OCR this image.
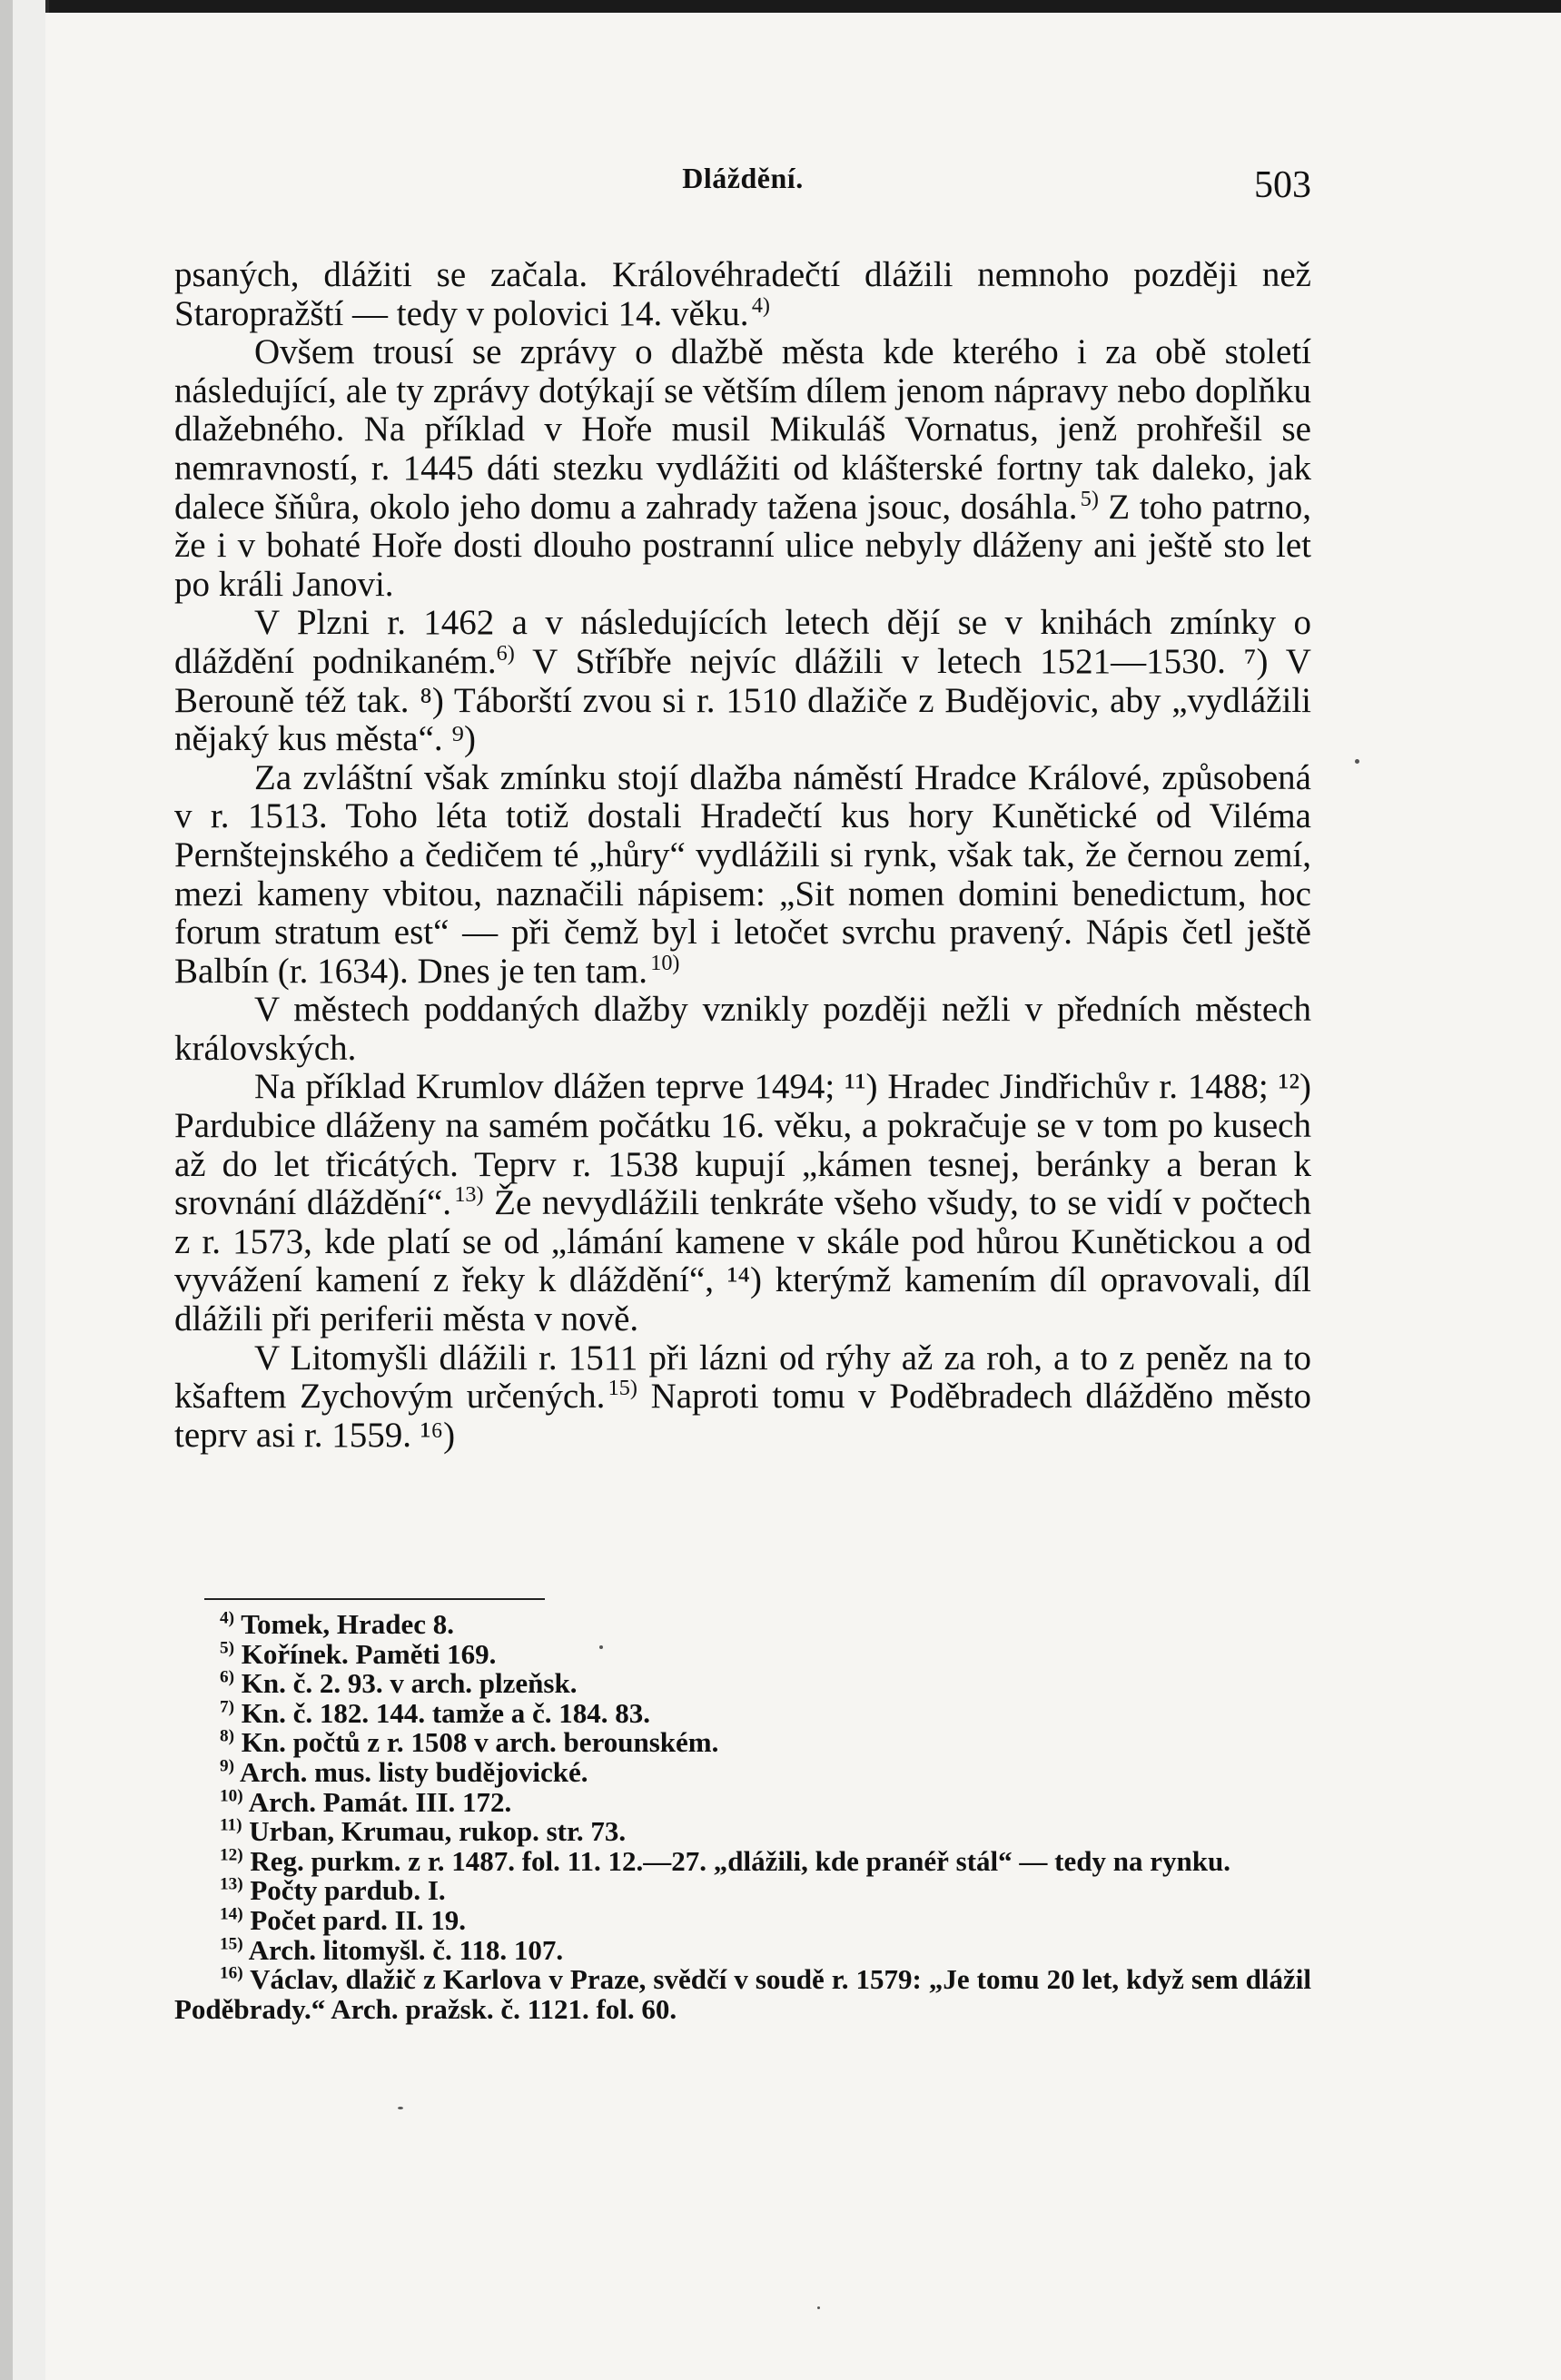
Dláždění.	503

psaných, dlážiti se začala. Královéhradečtí dlážili nemnoho později než Staropražští — tedy v polovici 14. věku.  $^{4)}$

Ovšem trousí se zprávy o dlažbě města kde kterého i za obě století následující, ale ty zprávy dotýkají se větším dílem jenom nápravy nebo doplňku dlažebného. Na příklad v Hoře musil Mikuláš Vornatus, jenž prohřešil se nemravností, r. 1445 dáti stezku vydlážiti od klášterské fortny tak daleko, jak dalece šňůra, okolo jeho domu a zahrady tažena jsouc, dosáhla.  $^{5)}$ Z toho patrno, že i v bohaté Hoře dosti dlouho postranní ulice nebyly dláženy ani ještě sto let po králi Janovi.

V Plzni r. 1462 a v následujících letech dějí se v knihách zmínky o dláždění podnikaném.$^{6)}$ V Stříbře nejvíc dlážili v letech 1521—1530. ⁷) V Berouně též tak. ⁸) Táborští zvou si r. 1510 dlažiče z Budějovic, aby „vydlážili nějaký kus města“. ⁹)

Za zvláštní však zmínku stojí dlažba náměstí Hradce Králové, způsobená v r. 1513. Toho léta totiž dostali Hradečtí kus hory Kunětické od Viléma Pernštejnského a čedičem té „hůry“ vydlážili si rynk, však tak, že černou zemí, mezi kameny vbitou, naznačili nápisem: „Sit nomen domini benedictum, hoc forum stratum est“ — při čemž byl i letočet svrchu pravený. Nápis četl ještě Balbín (r. 1634). Dnes je ten tam.  $^{10)}$

V městech poddaných dlažby vznikly později nežli v předních městech královských.

Na příklad Krumlov dlážen teprve 1494; ¹¹) Hradec Jindřichův r. 1488; ¹²) Pardubice dláženy na samém počátku 16. věku, a pokračuje se v tom po kusech až do let třicátých. Teprv r. 1538 kupují „kámen tesnej, beránky a beran k srovnání dláždění“.  $^{13)}$ Že nevydlážili tenkráte všeho všudy, to se vidí v počtech z r. 1573, kde platí se od „lámání kamene v skále pod hůrou Kunětickou a od vyvážení kamení z řeky k dláždění“, ¹⁴) kterýmž kamením díl opravovali, díl dlážili při periferii města v nově.

V Litomyšli dlážili r. 1511 při lázni od rýhy až za roh, a to z peněz na to kšaftem Zychovým určených.  $^{15)}$ Naproti tomu v Poděbradech dlážděno město teprv asi r. 1559. ¹⁶)

$^{4)}$ Tomek, Hradec 8.

$^{5)}$ Kořínek. Paměti 169.

$^{6)}$ Kn. č. 2. 93. v arch. plzeňsk.

$^{7)}$ Kn. č. 182. 144. tamže a č. 184. 83.

$^{8)}$ Kn. počtů z r. 1508 v arch. berounském.

$^{9)}$ Arch. mus. listy budějovické.

$^{10)}$ Arch. Památ. III. 172.

$^{11)}$ Urban, Krumau, rukop. str. 73.

$^{12)}$ Reg. purkm. z r. 1487. fol. 11. 12.—27. „dlážili, kde pranéř stál“ — tedy na rynku.

$^{13)}$ Počty pardub. I.

$^{14)}$ Počet pard. II. 19.

$^{15)}$ Arch. litomyšl. č. 118. 107.

$^{16)}$ Václav, dlažič z Karlova v Praze, svědčí v soudě r. 1579: „Je tomu 20 let, když sem dlážil Poděbrady.“ Arch. pražsk. č. 1121. fol. 60.
